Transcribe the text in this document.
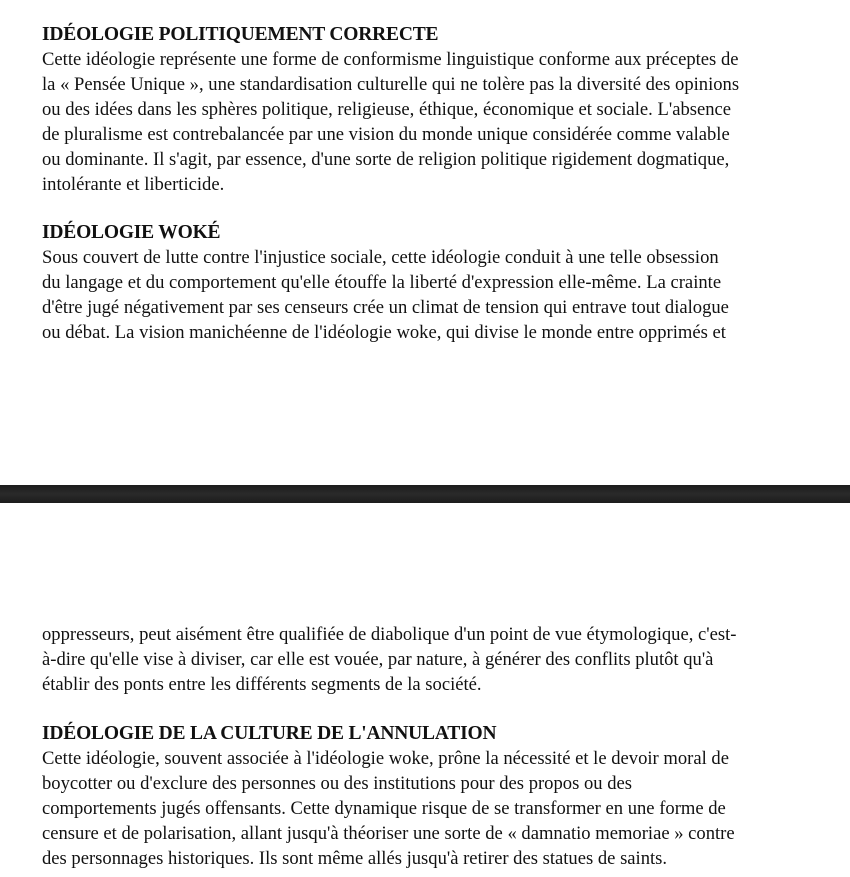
IDÉOLOGIE POLITIQUEMENT CORRECTE
Cette idéologie représente une forme de conformisme linguistique conforme aux préceptes de
la « Pensée Unique », une standardisation culturelle qui ne tolère pas la diversité des opinions
ou des idées dans les sphères politique, religieuse, éthique, économique et sociale. L'absence
de pluralisme est contrebalancée par une vision du monde unique considérée comme valable
ou dominante. Il s'agit, par essence, d'une sorte de religion politique rigidement dogmatique,
intolérante et liberticide.
IDÉOLOGIE WOKÉ
Sous couvert de lutte contre l'injustice sociale, cette idéologie conduit à une telle obsession
du langage et du comportement qu'elle étouffe la liberté d'expression elle-même. La crainte
d'être jugé négativement par ses censeurs crée un climat de tension qui entrave tout dialogue
ou débat. La vision manichéenne de l'idéologie woke, qui divise le monde entre opprimés et
oppresseurs, peut aisément être qualifiée de diabolique d'un point de vue étymologique, c'est-
à-dire qu'elle vise à diviser, car elle est vouée, par nature, à générer des conflits plutôt qu'à
établir des ponts entre les différents segments de la société.
IDÉOLOGIE DE LA CULTURE DE L'ANNULATION
Cette idéologie, souvent associée à l'idéologie woke, prône la nécessité et le devoir moral de
boycotter ou d'exclure des personnes ou des institutions pour des propos ou des
comportements jugés offensants. Cette dynamique risque de se transformer en une forme de
censure et de polarisation, allant jusqu'à théoriser une sorte de « damnatio memoriae » contre
des personnages historiques. Ils sont même allés jusqu'à retirer des statues de saints.
